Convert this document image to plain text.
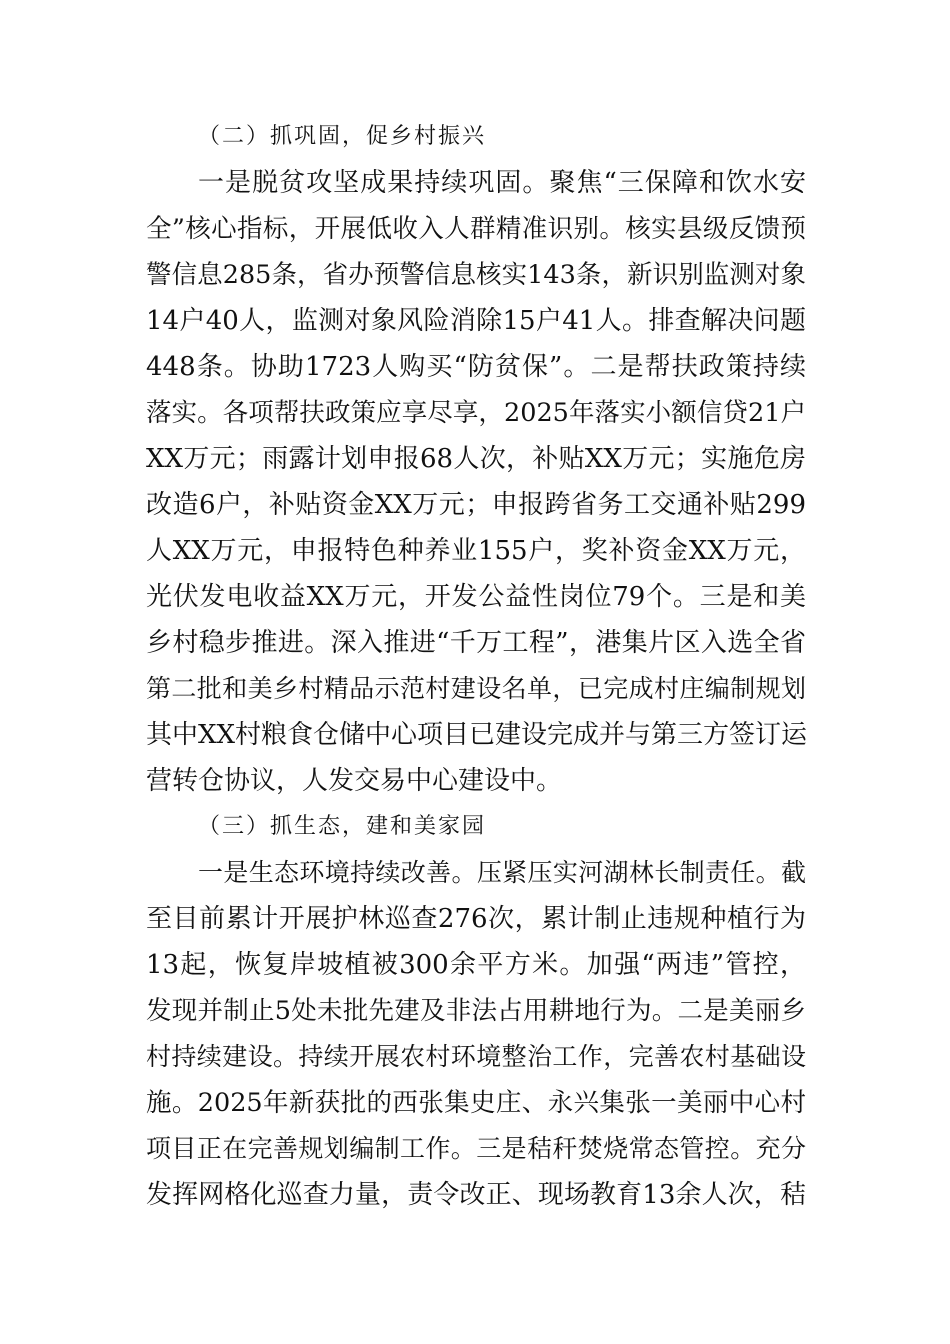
（二）抓巩固，促乡村振兴

一是脱贫攻坚成果持续巩固。聚焦“三保障和饮水安

全”核心指标，开展低收入人群精准识别。核实县级反馈预

警信息285条，省办预警信息核实143条，新识别监测对象

14户40人，监测对象风险消除15户41人。排查解决问题

448条。协助1723人购买“防贫保”。二是帮扶政策持续

落实。各项帮扶政策应享尽享，2025年落实小额信贷21户

XX万元；雨露计划申报68人次，补贴XX万元；实施危房

改造6户，补贴资金XX万元；申报跨省务工交通补贴299

人XX万元，申报特色种养业155户，奖补资金XX万元，

光伏发电收益XX万元，开发公益性岗位79个。三是和美

乡村稳步推进。深入推进“千万工程”，港集片区入选全省

第二批和美乡村精品示范村建设名单，已完成村庄编制规划

其中XX村粮食仓储中心项目已建设完成并与第三方签订运

营转仓协议，人发交易中心建设中。

（三）抓生态，建和美家园

一是生态环境持续改善。压紧压实河湖林长制责任。截

至目前累计开展护林巡查276次，累计制止违规种植行为

13起，恢复岸坡植被300余平方米。加强“两违”管控，

发现并制止5处未批先建及非法占用耕地行为。二是美丽乡

村持续建设。持续开展农村环境整治工作，完善农村基础设

施。2025年新获批的西张集史庄、永兴集张一美丽中心村

项目正在完善规划编制工作。三是秸秆焚烧常态管控。充分

发挥网格化巡查力量，责令改正、现场教育13余人次，秸
